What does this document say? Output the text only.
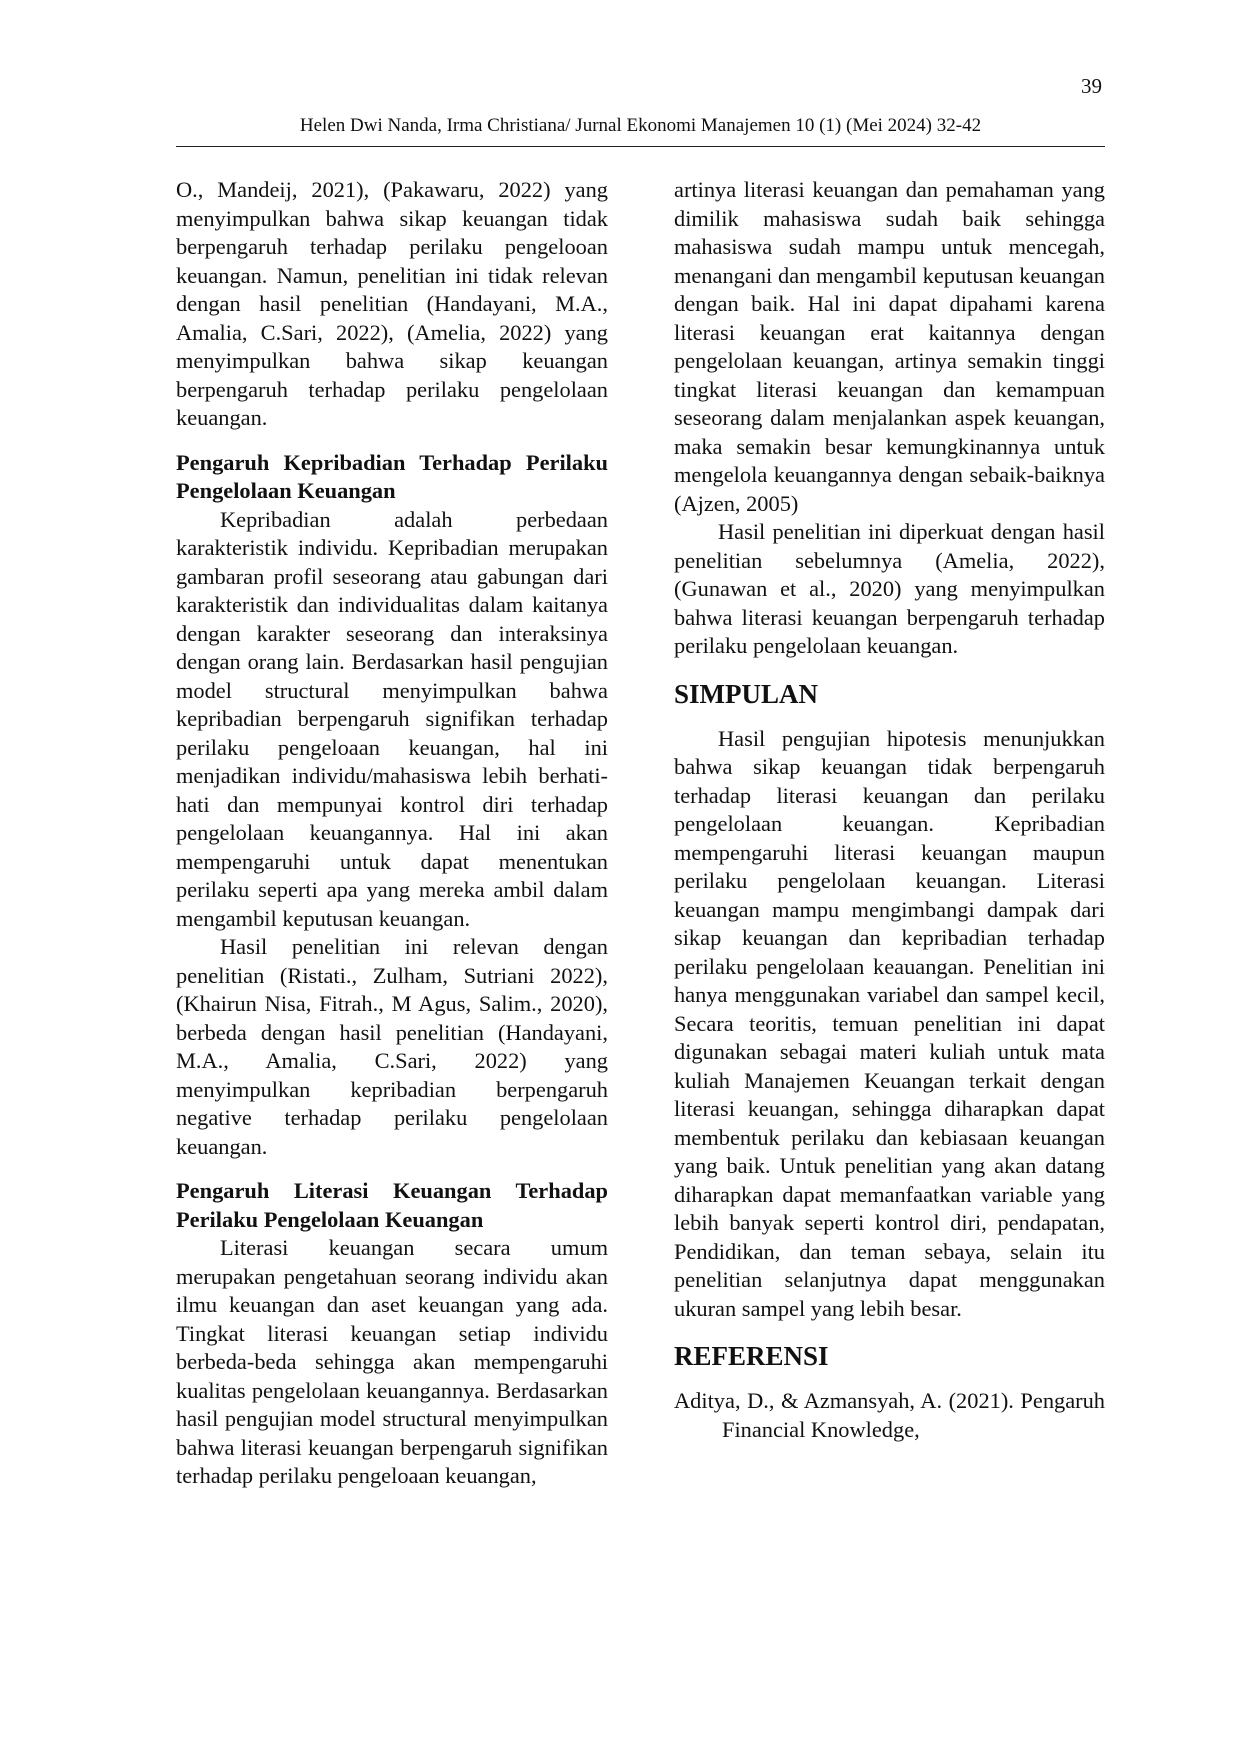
39
Helen Dwi Nanda, Irma Christiana/ Jurnal Ekonomi Manajemen 10 (1) (Mei 2024) 32-42

O., Mandeij, 2021), (Pakawaru, 2022) yang menyimpulkan bahwa sikap keuangan tidak berpengaruh terhadap perilaku pengelooan keuangan. Namun, penelitian ini tidak relevan dengan hasil penelitian (Handayani, M.A., Amalia, C.Sari, 2022), (Amelia, 2022) yang menyimpulkan bahwa sikap keuangan berpengaruh terhadap perilaku pengelolaan keuangan.

Pengaruh Kepribadian Terhadap Perilaku Pengelolaan Keuangan

Kepribadian adalah perbedaan karakteristik individu. Kepribadian merupakan gambaran profil seseorang atau gabungan dari karakteristik dan individualitas dalam kaitanya dengan karakter seseorang dan interaksinya dengan orang lain. Berdasarkan hasil pengujian model structural menyimpulkan bahwa kepribadian berpengaruh signifikan terhadap perilaku pengeloaan keuangan, hal ini menjadikan individu/mahasiswa lebih berhati-hati dan mempunyai kontrol diri terhadap pengelolaan keuangannya. Hal ini akan mempengaruhi untuk dapat menentukan perilaku seperti apa yang mereka ambil dalam mengambil keputusan keuangan.

Hasil penelitian ini relevan dengan penelitian (Ristati., Zulham, Sutriani 2022), (Khairun Nisa, Fitrah., M Agus, Salim., 2020), berbeda dengan hasil penelitian (Handayani, M.A., Amalia, C.Sari, 2022) yang menyimpulkan kepribadian berpengaruh negative terhadap perilaku pengelolaan keuangan.

Pengaruh Literasi Keuangan Terhadap Perilaku Pengelolaan Keuangan

Literasi keuangan secara umum merupakan pengetahuan seorang individu akan ilmu keuangan dan aset keuangan yang ada. Tingkat literasi keuangan setiap individu berbeda-beda sehingga akan mempengaruhi kualitas pengelolaan keuangannya. Berdasarkan hasil pengujian model structural menyimpulkan bahwa literasi keuangan berpengaruh signifikan terhadap perilaku pengeloaan keuangan,

artinya literasi keuangan dan pemahaman yang dimilik mahasiswa sudah baik sehingga mahasiswa sudah mampu untuk mencegah, menangani dan mengambil keputusan keuangan dengan baik. Hal ini dapat dipahami karena literasi keuangan erat kaitannya dengan pengelolaan keuangan, artinya semakin tinggi tingkat literasi keuangan dan kemampuan seseorang dalam menjalankan aspek keuangan, maka semakin besar kemungkinannya untuk mengelola keuangannya dengan sebaik-baiknya (Ajzen, 2005)

Hasil penelitian ini diperkuat dengan hasil penelitian sebelumnya (Amelia, 2022), (Gunawan et al., 2020) yang menyimpulkan bahwa literasi keuangan berpengaruh terhadap perilaku pengelolaan keuangan.

SIMPULAN

Hasil pengujian hipotesis menunjukkan bahwa sikap keuangan tidak berpengaruh terhadap literasi keuangan dan perilaku pengelolaan keuangan. Kepribadian mempengaruhi literasi keuangan maupun perilaku pengelolaan keuangan. Literasi keuangan mampu mengimbangi dampak dari sikap keuangan dan kepribadian terhadap perilaku pengelolaan keauangan. Penelitian ini hanya menggunakan variabel dan sampel kecil, Secara teoritis, temuan penelitian ini dapat digunakan sebagai materi kuliah untuk mata kuliah Manajemen Keuangan terkait dengan literasi keuangan, sehingga diharapkan dapat membentuk perilaku dan kebiasaan keuangan yang baik. Untuk penelitian yang akan datang diharapkan dapat memanfaatkan variable yang lebih banyak seperti kontrol diri, pendapatan, Pendidikan, dan teman sebaya, selain itu penelitian selanjutnya dapat menggunakan ukuran sampel yang lebih besar.

REFERENSI

Aditya, D., & Azmansyah, A. (2021). Pengaruh Financial Knowledge,
